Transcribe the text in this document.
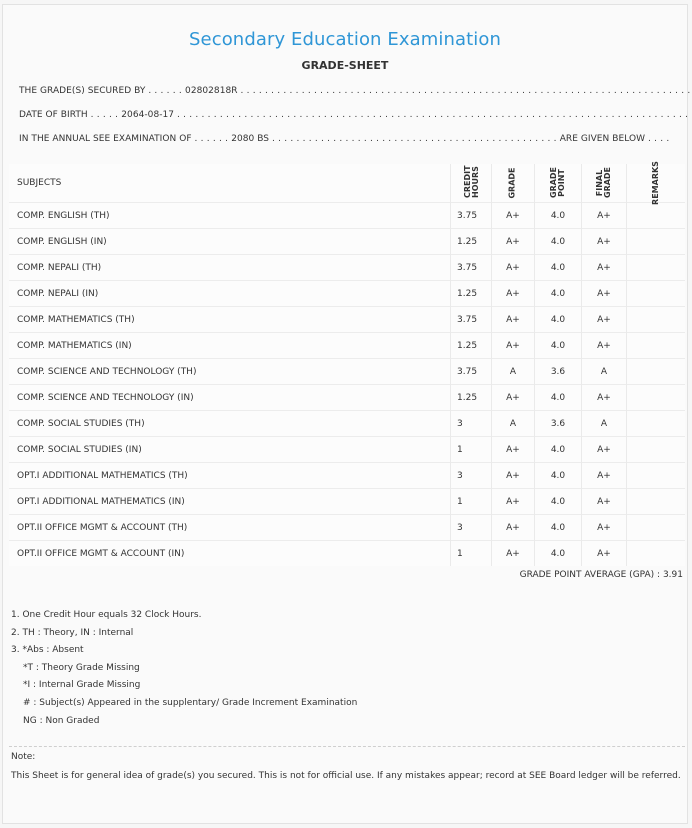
Secondary Education Examination
GRADE-SHEET
THE GRADE(S) SECURED BY . . . . . . 02802818R . . . . . . . . . . . . . . . . . . . . . . . . . . . . . . . . . . . . . . . . . . . . . . . . . . . . . . . . . . . . . . . . . . . . . . . . . .
DATE OF BIRTH . . . . . 2064-08-17 . . . . . . . . . . . . . . . . . . . . . . . . . . . . . . . . . . . . . . . . . . . . . . . . . . . . . . . . . . . . . . . . . . . . . . . . . . . . . . . . . . . .
IN THE ANNUAL SEE EXAMINATION OF . . . . . . 2080 BS . . . . . . . . . . . . . . . . . . . . . . . . . . . . . . . . . . . . . . . . . . . . . . . ARE GIVEN BELOW . . . .
SUBJECTS	CREDIT HOURS	GRADE	GRADE POINT	FINAL GRADE	REMARKS
COMP. ENGLISH (TH)	3.75	A+	4.0	A+	
COMP. ENGLISH (IN)	1.25	A+	4.0	A+	
COMP. NEPALI (TH)	3.75	A+	4.0	A+	
COMP. NEPALI (IN)	1.25	A+	4.0	A+	
COMP. MATHEMATICS (TH)	3.75	A+	4.0	A+	
COMP. MATHEMATICS (IN)	1.25	A+	4.0	A+	
COMP. SCIENCE AND TECHNOLOGY (TH)	3.75	A	3.6	A	
COMP. SCIENCE AND TECHNOLOGY (IN)	1.25	A+	4.0	A+	
COMP. SOCIAL STUDIES (TH)	3	A	3.6	A	
COMP. SOCIAL STUDIES (IN)	1	A+	4.0	A+	
OPT.I ADDITIONAL MATHEMATICS (TH)	3	A+	4.0	A+	
OPT.I ADDITIONAL MATHEMATICS (IN)	1	A+	4.0	A+	
OPT.II OFFICE MGMT & ACCOUNT (TH)	3	A+	4.0	A+	
OPT.II OFFICE MGMT & ACCOUNT (IN)	1	A+	4.0	A+	
GRADE POINT AVERAGE (GPA) : 3.91
1. One Credit Hour equals 32 Clock Hours.
2. TH : Theory, IN : Internal
3. *Abs : Absent
*T : Theory Grade Missing
*I : Internal Grade Missing
# : Subject(s) Appeared in the supplentary/ Grade Increment Examination
NG : Non Graded
Note:
This Sheet is for general idea of grade(s) you secured. This is not for official use. If any mistakes appear; record at SEE Board ledger will be referred.
